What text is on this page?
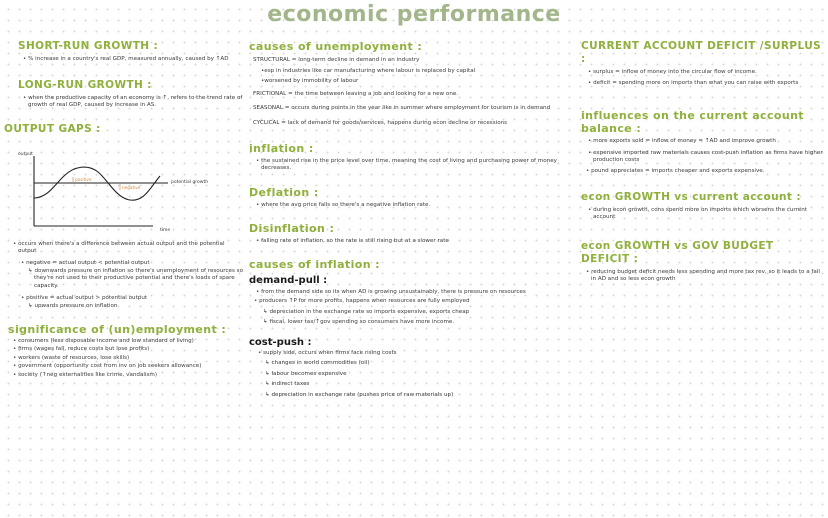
economic performance
SHORT-RUN GROWTH :
• % increase in a country's real GDP, measured annually, caused by ↑AD
LONG-RUN GROWTH :
• when the productive capacity of an economy is ↑, refers to the trend rate of growth of real GDP, caused by increase in AS.
OUTPUT GAPS :
output
time
potential growth
positive
negative
• occurs when there's a difference between actual output and the potential output
• negative = actual output < potential output
↳ downwards pressure on inflation so there's unemployment of resources so they're not used to their productive potential and there's loads of spare capacity.
• positive = actual output > potential output
↳ upwards pressure on inflation
significance of (un)employment :
• consumers (less disposable income and low standard of living)
• firms (wages fall, reduce costs but lose profits)
• workers (waste of resources, lose skills)
• government (opportunity cost from inv on job seekers allowance)
• society (↑neg externalities like crime, vandalism)
causes of unemployment :
STRUCTURAL = long-term decline in demand in an industry
•esp in industries like car manufacturing where labour is replaced by capital
•worsened by immobility of labour
FRICTIONAL = the time between leaving a job and looking for a new one.
SEASONAL = occurs during points in the year like in summer where employment for tourism is in demand
CYCLICAL = lack of demand for goods/services, happens during econ decline or recessions
inflation :
• the sustained rise in the price level over time, meaning the cost of living and purchasing power of money decreases.
Deflation :
• where the avg price falls so there's a negative inflation rate.
Disinflation :
• falling rate of inflation, so the rate is still rising but at a slower rate
causes of inflation :
demand-pull :
• from the demand side so its when AD is growing unsustainably, there is pressure on resources
• producers ↑P for more profits, happens when resources are fully employed
↳ depreciation in the exchange rate so imports expensive, exports cheap
↳ fiscal, lower tax/↑gov spending so consumers have more income.
cost-push :
• supply side, occurs when firms face rising costs
↳ changes in world commodities (oil)
↳ labour becomes expensive
↳ indirect taxes
↳ depreciation in exchange rate (pushes price of raw materials up)
CURRENT ACCOUNT DEFICIT /SURPLUS :
• surplus = inflow of money into the circular flow of income.
• deficit = spending more on imports than what you can raise with exports
influences on the current account balance :
• more exports sold = inflow of money = ↑AD and improve growth
• expensive imported raw materials causes cost-push inflation as firms have higher production costs
• pound appreciates = imports cheaper and exports expensive.
econ GROWTH vs current account :
• during econ growth, cons spend more on imports which worsens the current account
econ GROWTH vs GOV BUDGET DEFICIT :
• reducing budget deficit needs less spending and more tax rev, so it leads to a fall in AD and so less econ growth
